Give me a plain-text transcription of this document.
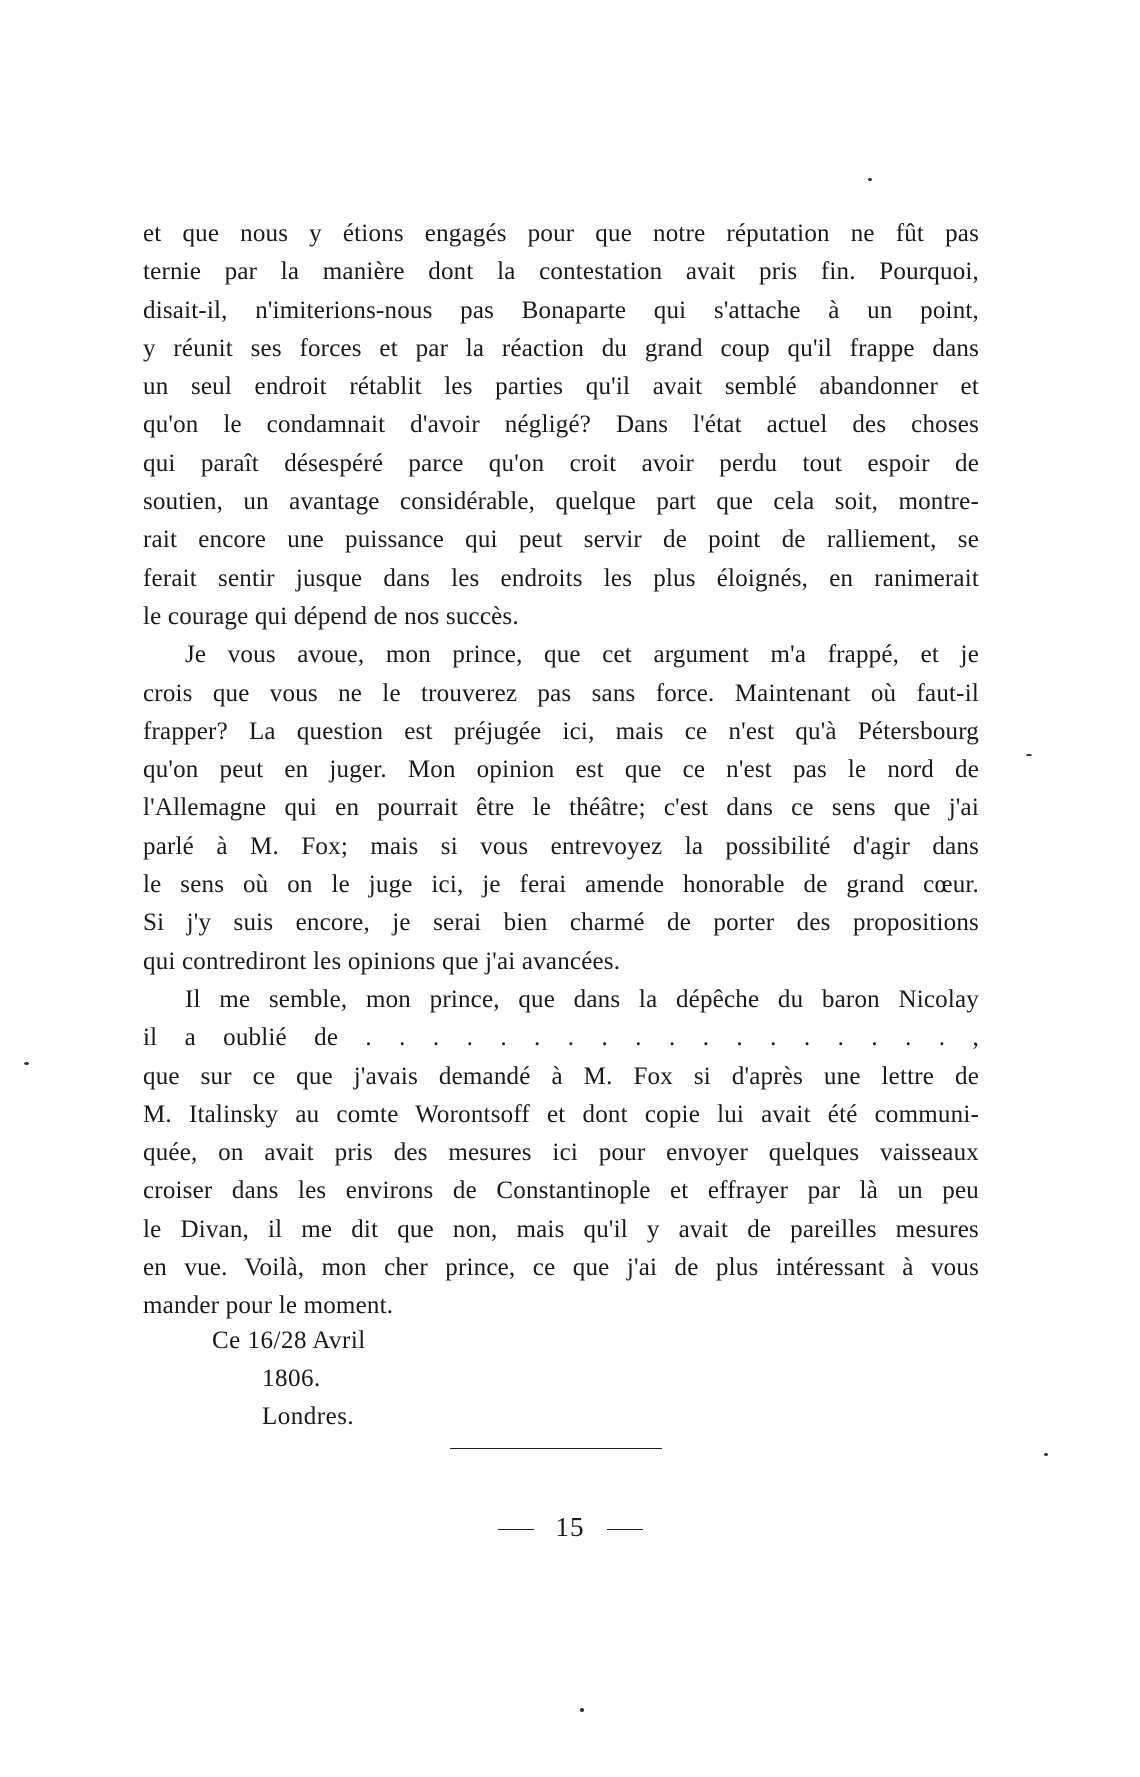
et que nous y étions engagés pour que notre réputation ne fût pas
ternie par la manière dont la contestation avait pris fin. Pourquoi,
disait-il, n'imiterions-nous pas Bonaparte qui s'attache à un point,
y réunit ses forces et par la réaction du grand coup qu'il frappe dans
un seul endroit rétablit les parties qu'il avait semblé abandonner et
qu'on le condamnait d'avoir négligé? Dans l'état actuel des choses
qui paraît désespéré parce qu'on croit avoir perdu tout espoir de
soutien, un avantage considérable, quelque part que cela soit, montre-
rait encore une puissance qui peut servir de point de ralliement, se
ferait sentir jusque dans les endroits les plus éloignés, en ranimerait
le courage qui dépend de nos succès.
Je vous avoue, mon prince, que cet argument m'a frappé, et je
crois que vous ne le trouverez pas sans force. Maintenant où faut-il
frapper? La question est préjugée ici, mais ce n'est qu'à Pétersbourg
qu'on peut en juger. Mon opinion est que ce n'est pas le nord de
l'Allemagne qui en pourrait être le théâtre; c'est dans ce sens que j'ai
parlé à M. Fox; mais si vous entrevoyez la possibilité d'agir dans
le sens où on le juge ici, je ferai amende honorable de grand cœur.
Si j'y suis encore, je serai bien charmé de porter des propositions
qui contrediront les opinions que j'ai avancées.
Il me semble, mon prince, que dans la dépêche du baron Nicolay
il a oublié de . . . . . . . . . . . . . . . . . . ,
que sur ce que j'avais demandé à M. Fox si d'après une lettre de
M. Italinsky au comte Worontsoff et dont copie lui avait été communi-
quée, on avait pris des mesures ici pour envoyer quelques vaisseaux
croiser dans les environs de Constantinople et effrayer par là un peu
le Divan, il me dit que non, mais qu'il y avait de pareilles mesures
en vue. Voilà, mon cher prince, ce que j'ai de plus intéressant à vous
mander pour le moment.
Ce 16/28 Avril
1806.
Londres.
15
